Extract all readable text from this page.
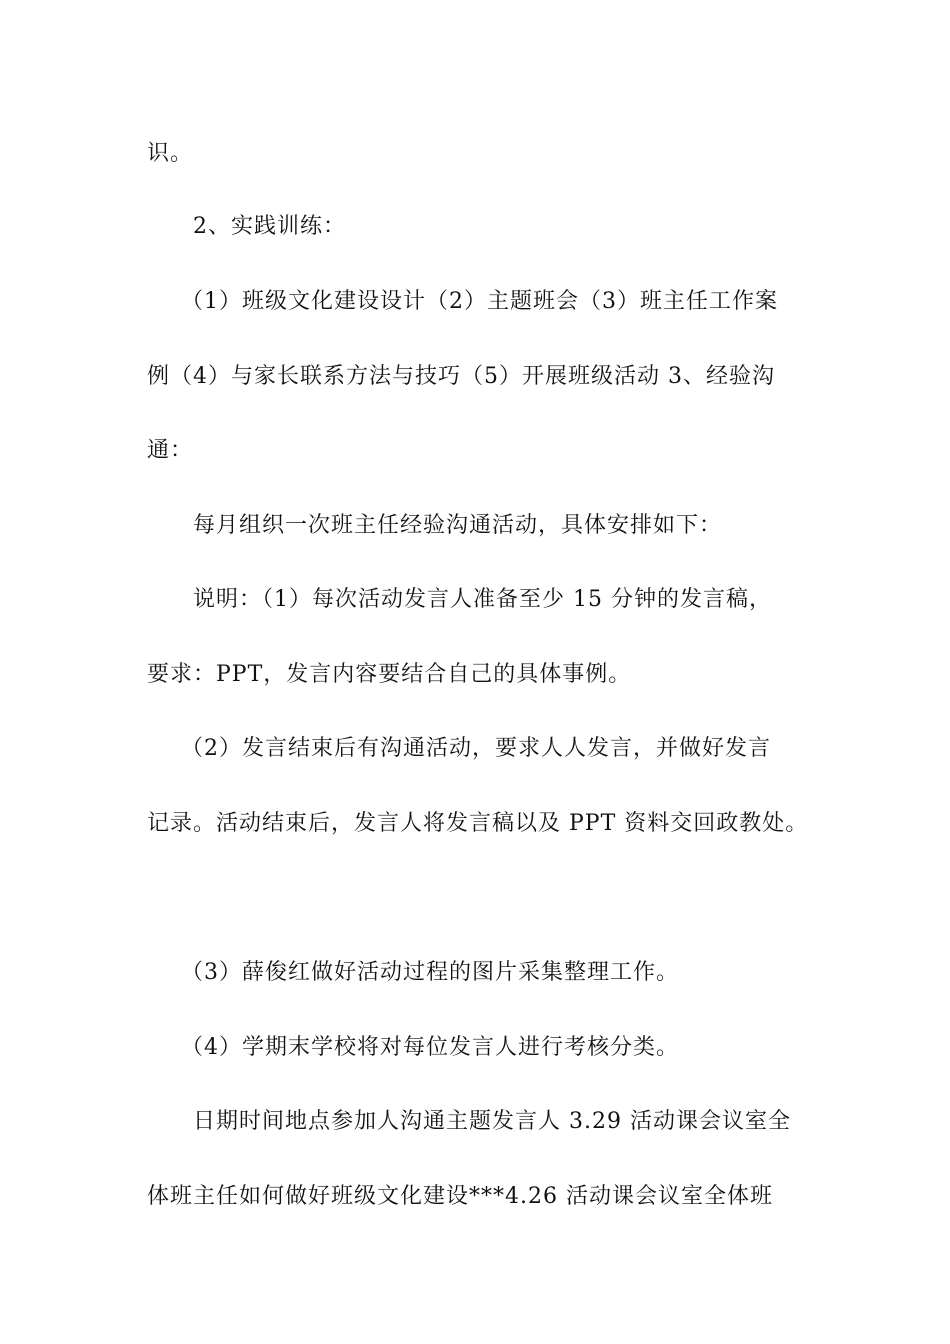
识。
2、实践训练：
（1）班级文化建设设计（2）主题班会（3）班主任工作案
例（4）与家长联系方法与技巧（5）开展班级活动 3、经验沟
通：
每月组织一次班主任经验沟通活动，具体安排如下：
说明：（1）每次活动发言人准备至少 15 分钟的发言稿，
要求：PPT，发言内容要结合自己的具体事例。
（2）发言结束后有沟通活动，要求人人发言，并做好发言
记录。活动结束后，发言人将发言稿以及 PPT 资料交回政教处。
（3）薛俊红做好活动过程的图片采集整理工作。
（4）学期末学校将对每位发言人进行考核分类。
日期时间地点参加人沟通主题发言人 3.29 活动课会议室全
体班主任如何做好班级文化建设***4.26 活动课会议室全体班
